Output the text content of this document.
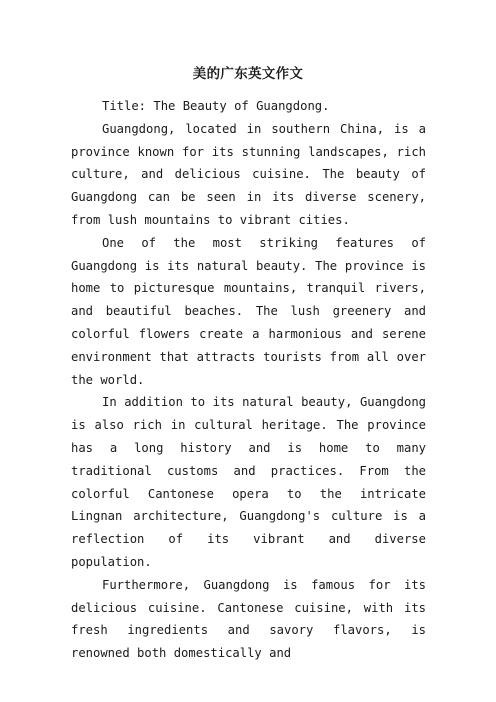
美的广东英文作文

Title: The Beauty of Guangdong.

Guangdong, located in southern China, is a province known for its stunning landscapes, rich culture, and delicious cuisine. The beauty of Guangdong can be seen in its diverse scenery, from lush mountains to vibrant cities.

One of the most striking features of Guangdong is its natural beauty. The province is home to picturesque mountains, tranquil rivers, and beautiful beaches. The lush greenery and colorful flowers create a harmonious and serene environment that attracts tourists from all over the world.

In addition to its natural beauty, Guangdong is also rich in cultural heritage. The province has a long history and is home to many traditional customs and practices. From the colorful Cantonese opera to the intricate Lingnan architecture, Guangdong's culture is a reflection of its vibrant and diverse population.

Furthermore, Guangdong is famous for its delicious cuisine. Cantonese cuisine, with its fresh ingredients and savory flavors, is renowned both domestically and
